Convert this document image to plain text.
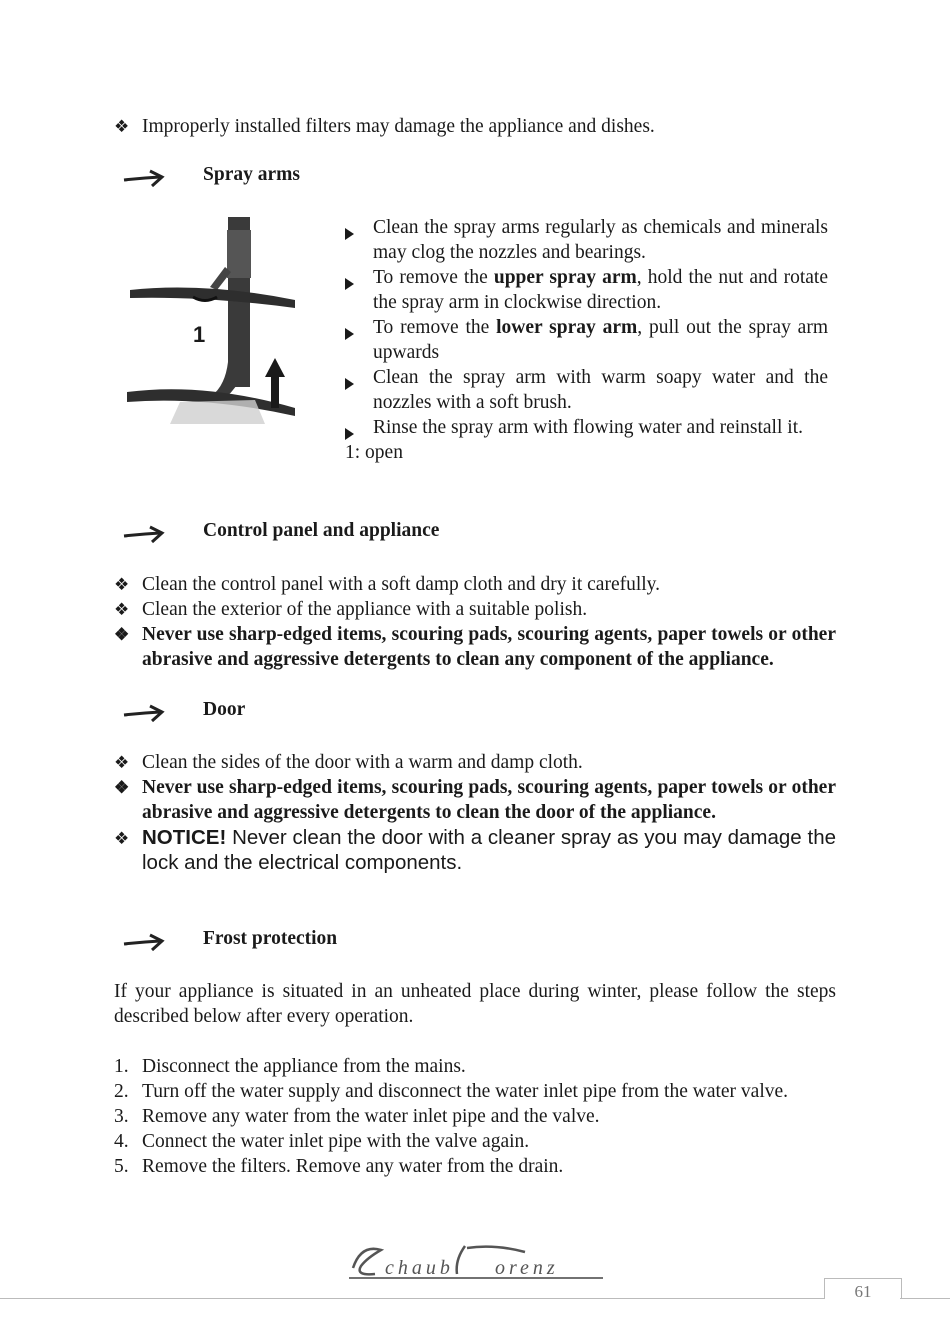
❖ Improperly installed filters may damage the appliance and dishes.
Spray arms
1
Clean the spray arms regularly as chemicals and minerals may clog the nozzles and bearings.
To remove the upper spray arm, hold the nut and rotate the spray arm in clockwise direction.
To remove the lower spray arm, pull out the spray arm upwards
Clean the spray arm with warm soapy water and the nozzles with a soft brush.
Rinse the spray arm with flowing water and reinstall it.
1: open
Control panel and appliance
❖ Clean the control panel with a soft damp cloth and dry it carefully.
❖ Clean the exterior of the appliance with a suitable polish.
❖ Never use sharp-edged items, scouring pads, scouring agents, paper towels or other abrasive and aggressive detergents to clean any component of the appliance.
Door
❖ Clean the sides of the door with a warm and damp cloth.
❖ Never use sharp-edged items, scouring pads, scouring agents, paper towels or other abrasive and aggressive detergents to clean the door of the appliance.
❖ NOTICE! Never clean the door with a cleaner spray as you may damage the lock and the electrical components.
Frost protection
If your appliance is situated in an unheated place during winter, please follow the steps described below after every operation.
1. Disconnect the appliance from the mains.
2. Turn off the water supply and disconnect the water inlet pipe from the water valve.
3. Remove any water from the water inlet pipe and the valve.
4. Connect the water inlet pipe with the valve again.
5. Remove the filters. Remove any water from the drain.
chaub orenz
61
